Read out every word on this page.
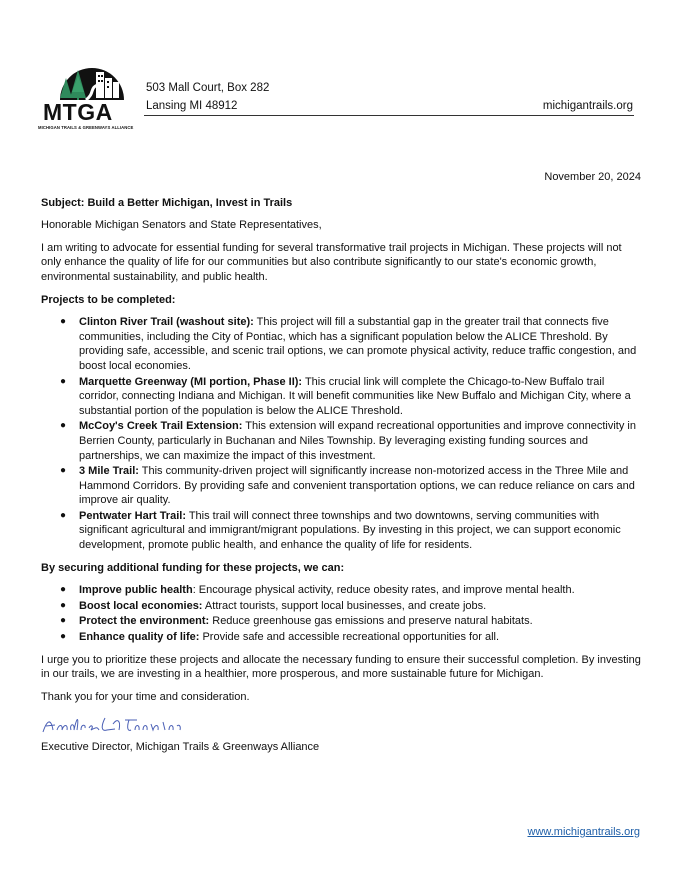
MTGA
MICHIGAN TRAILS & GREENWAYS ALLIANCE
503 Mall Court, Box 282
Lansing MI 48912	michigantrails.org
November 20, 2024

Subject: Build a Better Michigan, Invest in Trails

Honorable Michigan Senators and State Representatives,

I am writing to advocate for essential funding for several transformative trail projects in Michigan. These projects will not only enhance the quality of life for our communities but also contribute significantly to our state's economic growth, environmental sustainability, and public health.

Projects to be completed:

● Clinton River Trail (washout site): This project will fill a substantial gap in the greater trail that connects five communities, including the City of Pontiac, which has a significant population below the ALICE Threshold. By providing safe, accessible, and scenic trail options, we can promote physical activity, reduce traffic congestion, and boost local economies.
● Marquette Greenway (MI portion, Phase II): This crucial link will complete the Chicago-to-New Buffalo trail corridor, connecting Indiana and Michigan. It will benefit communities like New Buffalo and Michigan City, where a substantial portion of the population is below the ALICE Threshold.
● McCoy's Creek Trail Extension: This extension will expand recreational opportunities and improve connectivity in Berrien County, particularly in Buchanan and Niles Township. By leveraging existing funding sources and partnerships, we can maximize the impact of this investment.
● 3 Mile Trail: This community-driven project will significantly increase non-motorized access in the Three Mile and Hammond Corridors. By providing safe and convenient transportation options, we can reduce reliance on cars and improve air quality.
● Pentwater Hart Trail: This trail will connect three townships and two downtowns, serving communities with significant agricultural and immigrant/migrant populations. By investing in this project, we can support economic development, promote public health, and enhance the quality of life for residents.

By securing additional funding for these projects, we can:

● Improve public health: Encourage physical activity, reduce obesity rates, and improve mental health.
● Boost local economies: Attract tourists, support local businesses, and create jobs.
● Protect the environment: Reduce greenhouse gas emissions and preserve natural habitats.
● Enhance quality of life: Provide safe and accessible recreational opportunities for all.

I urge you to prioritize these projects and allocate the necessary funding to ensure their successful completion. By investing in our trails, we are investing in a healthier, more prosperous, and more sustainable future for Michigan.

Thank you for your time and consideration.

Executive Director, Michigan Trails & Greenways Alliance

www.michigantrails.org
